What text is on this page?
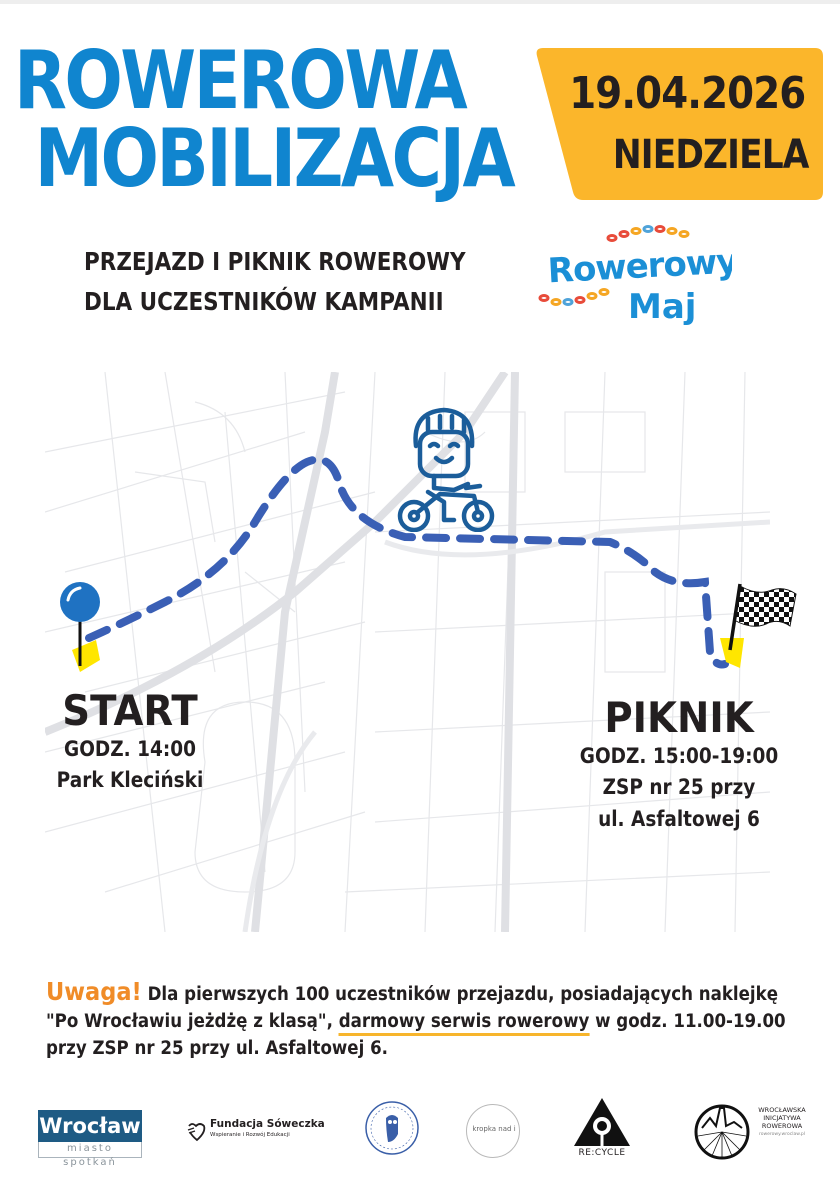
ROWEROWA
MOBILIZACJA
19.04.2026
NIEDZIELA
PRZEJAZD I PIKNIK ROWEROWY
DLA UCZESTNIKÓW KAMPANII
Rowerowy
Maj
START
GODZ. 14:00
Park Kleciński
PIKNIK
GODZ. 15:00-19:00
ZSP nr 25 przy
ul. Asfaltowej 6
Uwaga! Dla pierwszych 100 uczestników przejazdu, posiadających naklejkę
"Po Wrocławiu jeżdżę z klasą", darmowy serwis rowerowy w godz. 11.00-19.00
przy ZSP nr 25 przy ul. Asfaltowej 6.
Wrocław
miasto spotkań
Fundacja Sóweczka
Wspieranie i Rozwój Edukacji
kropka nad i
RE:CYCLE
WROCŁAWSKA INICJATYWA ROWEROWA
rowerowy.wroclaw.pl
